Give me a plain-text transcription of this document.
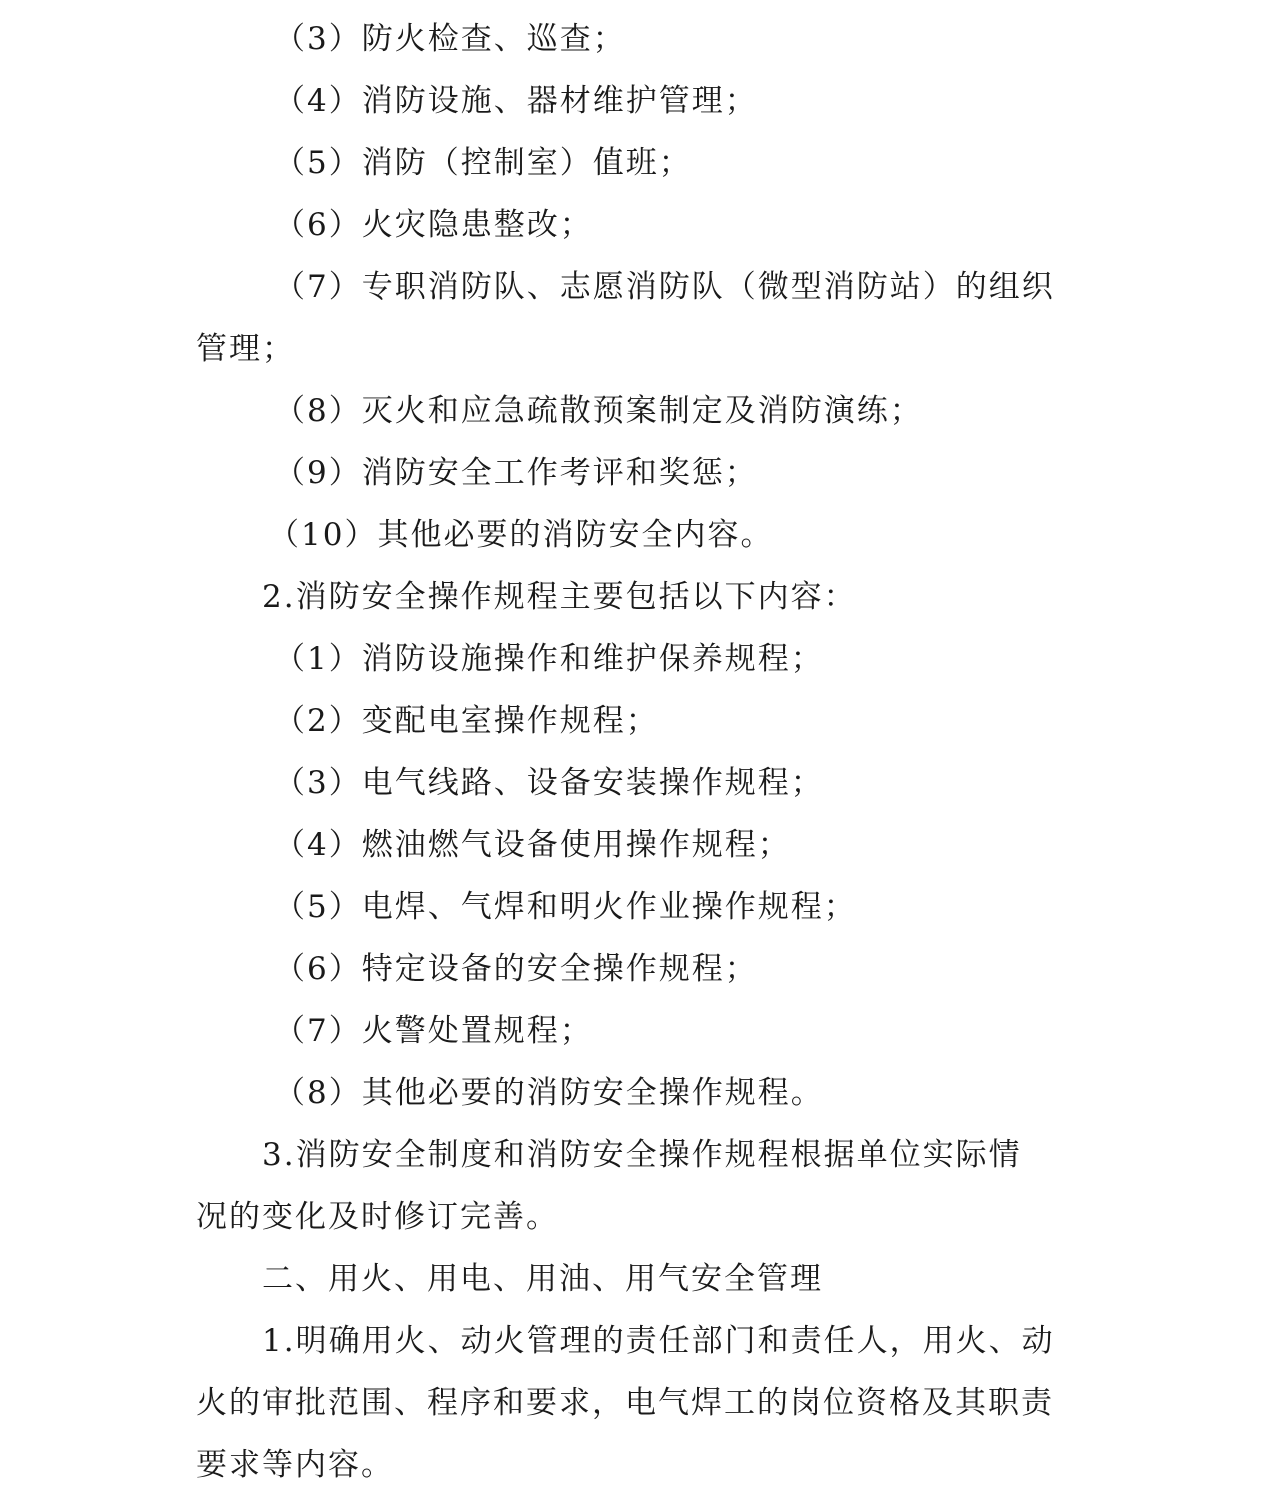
（3）防火检查、巡查；

（4）消防设施、器材维护管理；

（5）消防（控制室）值班；

（6）火灾隐患整改；

（7）专职消防队、志愿消防队（微型消防站）的组织

管理；

（8）灭火和应急疏散预案制定及消防演练；

（9）消防安全工作考评和奖惩；

（10）其他必要的消防安全内容。

2.消防安全操作规程主要包括以下内容：

（1）消防设施操作和维护保养规程；

（2）变配电室操作规程；

（3）电气线路、设备安装操作规程；

（4）燃油燃气设备使用操作规程；

（5）电焊、气焊和明火作业操作规程；

（6）特定设备的安全操作规程；

（7）火警处置规程；

（8）其他必要的消防安全操作规程。

3.消防安全制度和消防安全操作规程根据单位实际情

况的变化及时修订完善。

二、用火、用电、用油、用气安全管理

1.明确用火、动火管理的责任部门和责任人，用火、动

火的审批范围、程序和要求，电气焊工的岗位资格及其职责

要求等内容。
